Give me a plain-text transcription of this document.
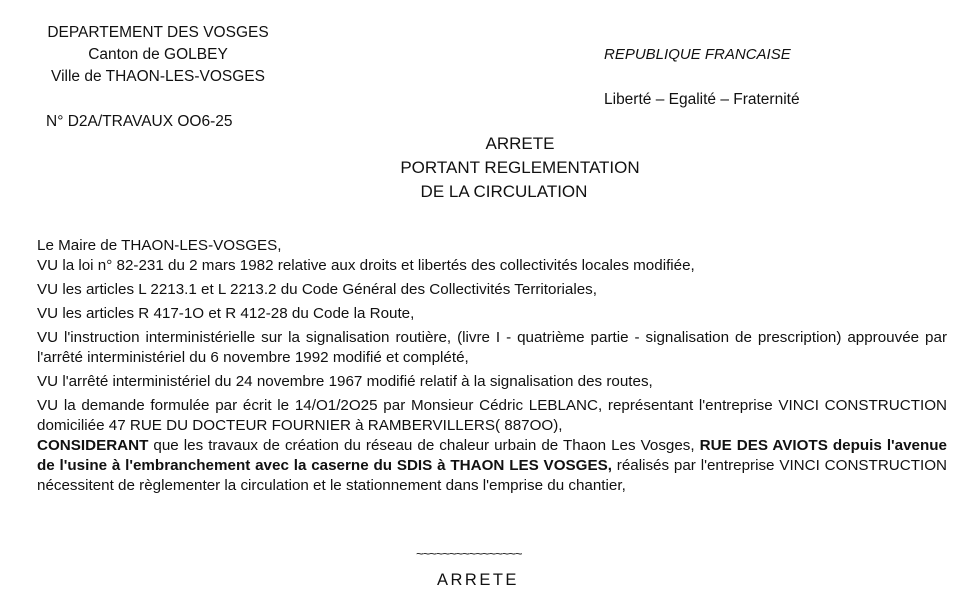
DEPARTEMENT DES VOSGES
Canton de GOLBEY
Ville de THAON-LES-VOSGES
N° D2A/TRAVAUX OO6-25
REPUBLIQUE FRANCAISE
Liberté – Egalité – Fraternité
ARRETE
PORTANT REGLEMENTATION
DE LA CIRCULATION

Le Maire de THAON-LES-VOSGES,

VU la loi n° 82-231 du 2 mars 1982 relative aux droits et libertés des collectivités locales modifiée,

VU les articles L 2213.1 et L 2213.2 du Code Général des Collectivités Territoriales,

VU les articles R 417-1O et R 412-28 du Code la Route,

VU l'instruction interministérielle sur la signalisation routière, (livre I - quatrième partie - signalisation de prescription) approuvée par l'arrêté interministériel du 6 novembre 1992 modifié et complété,

VU l'arrêté interministériel du 24 novembre 1967 modifié relatif à la signalisation des routes,

VU la demande formulée par écrit le 14/O1/2O25 par Monsieur Cédric LEBLANC, représentant l'entreprise VINCI CONSTRUCTION domiciliée 47 RUE DU DOCTEUR FOURNIER à RAMBERVILLERS( 887OO),

CONSIDERANT que les travaux de création du réseau de chaleur urbain de Thaon Les Vosges, RUE DES AVIOTS depuis l'avenue de l'usine à l'embranchement avec la caserne du SDIS à THAON LES VOSGES, réalisés par l'entreprise VINCI CONSTRUCTION nécessitent de règlementer la circulation et le stationnement dans l'emprise du chantier,

~~~~~~~~~~~~~~~~
ARRETE
